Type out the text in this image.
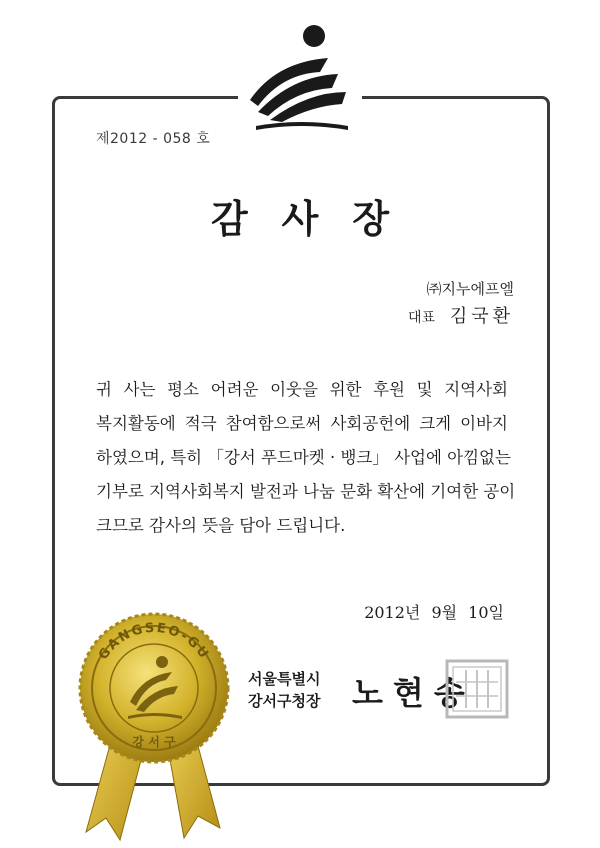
제2012 - 058 호
감사장
㈜지누에프엘
대표 김국환
귀 사는 평소 어려운 이웃을 위한 후원 및 지역사회
복지활동에 적극 참여함으로써 사회공헌에 크게 이바지
하였으며, 특히 「강서 푸드마켓 · 뱅크」 사업에 아낌없는
기부로 지역사회복지 발전과 나눔 문화 확산에 기여한 공이
크므로 감사의 뜻을 담아 드립니다.
2012년 9월 10일
서울특별시
강서구청장 노현송
GANGSEO-GU
강 서 구
